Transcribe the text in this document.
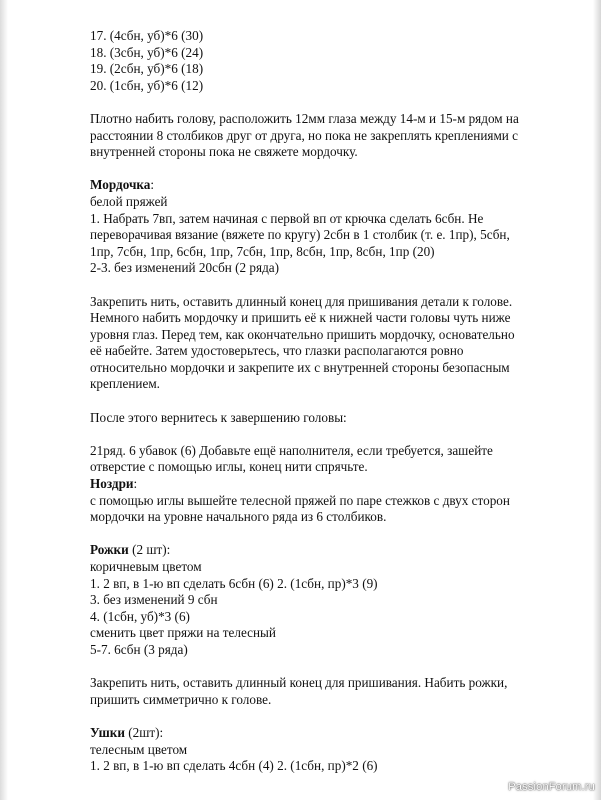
17. (4сбн, уб)*6 (30)
18. (3сбн, уб)*6 (24)
19. (2сбн, уб)*6 (18)
20. (1сбн, уб)*6 (12)
Плотно набить голову, расположить 12мм глаза между 14-м и 15-м рядом на
расстоянии 8 столбиков друг от друга, но пока не закреплять креплениями с
внутренней стороны пока не свяжете мордочку.
Мордочка:
белой пряжей
1. Набрать 7вп, затем начиная с первой вп от крючка сделать 6сбн. Не
переворачивая вязание (вяжете по кругу) 2сбн в 1 столбик (т. е. 1пр), 5сбн,
1пр, 7сбн, 1пр, 6сбн, 1пр, 7сбн, 1пр, 8сбн, 1пр, 8сбн, 1пр (20)
2-3. без изменений 20сбн (2 ряда)
Закрепить нить, оставить длинный конец для пришивания детали к голове.
Немного набить мордочку и пришить её к нижней части головы чуть ниже
уровня глаз. Перед тем, как окончательно пришить мордочку, основательно
её набейте. Затем удостоверьтесь, что глазки располагаются ровно
относительно мордочки и закрепите их с внутренней стороны безопасным
креплением.
После этого вернитесь к завершению головы:
21ряд. 6 убавок (6) Добавьте ещё наполнителя, если требуется, зашейте
отверстие с помощью иглы, конец нити спрячьте.
Ноздри:
с помощью иглы вышейте телесной пряжей по паре стежков с двух сторон
мордочки на уровне начального ряда из 6 столбиков.
Рожки (2 шт):
коричневым цветом
1. 2 вп, в 1-ю вп сделать 6сбн (6) 2. (1сбн, пр)*3 (9)
3. без изменений 9 сбн
4. (1сбн, уб)*3 (6)
сменить цвет пряжи на телесный
5-7. 6сбн (3 ряда)
Закрепить нить, оставить длинный конец для пришивания. Набить рожки,
пришить симметрично к голове.
Ушки (2шт):
телесным цветом
1. 2 вп, в 1-ю вп сделать 4сбн (4) 2. (1сбн, пр)*2 (6)
PassionForum.ru
